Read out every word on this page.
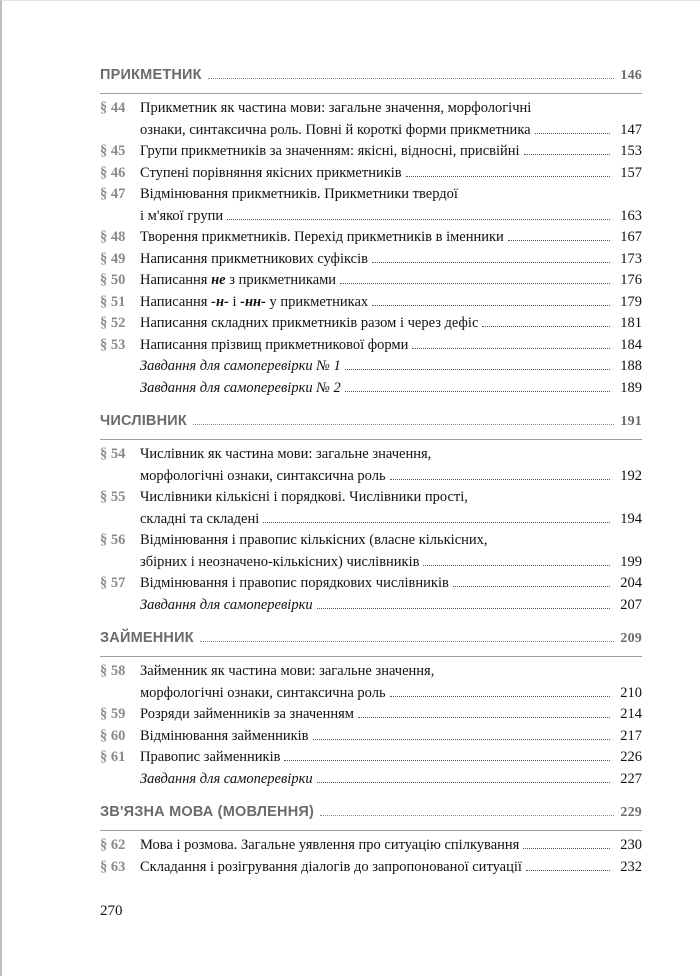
ПРИКМЕТНИК	146
§ 44	Прикметник як частина мови: загальне значення, морфологічні
ознаки, синтаксична роль. Повні й короткі форми прикметника	147
§ 45	Групи прикметників за значенням: якісні, відносні, присвійні	153
§ 46	Ступені порівняння якісних прикметників	157
§ 47	Відмінювання прикметників. Прикметники твердої
і м'якої групи	163
§ 48	Творення прикметників. Перехід прикметників в іменники	167
§ 49	Написання прикметникових суфіксів	173
§ 50	Написання не з прикметниками	176
§ 51	Написання -н- і -нн- у прикметниках	179
§ 52	Написання складних прикметників разом і через дефіс	181
§ 53	Написання прізвищ прикметникової форми	184
Завдання для самоперевірки № 1	188
Завдання для самоперевірки № 2	189
ЧИСЛІВНИК	191
§ 54	Числівник як частина мови: загальне значення,
морфологічні ознаки, синтаксична роль	192
§ 55	Числівники кількісні і порядкові. Числівники прості,
складні та складені	194
§ 56	Відмінювання і правопис кількісних (власне кількісних,
збірних і неозначено-кількісних) числівників	199
§ 57	Відмінювання і правопис порядкових числівників	204
Завдання для самоперевірки	207
ЗАЙМЕННИК	209
§ 58	Займенник як частина мови: загальне значення,
морфологічні ознаки, синтаксична роль	210
§ 59	Розряди займенників за значенням	214
§ 60	Відмінювання займенників	217
§ 61	Правопис займенників	226
Завдання для самоперевірки	227
ЗВ'ЯЗНА МОВА (МОВЛЕННЯ)	229
§ 62	Мова і розмова. Загальне уявлення про ситуацію спілкування	230
§ 63	Складання і розігрування діалогів до запропонованої ситуації	232
270
